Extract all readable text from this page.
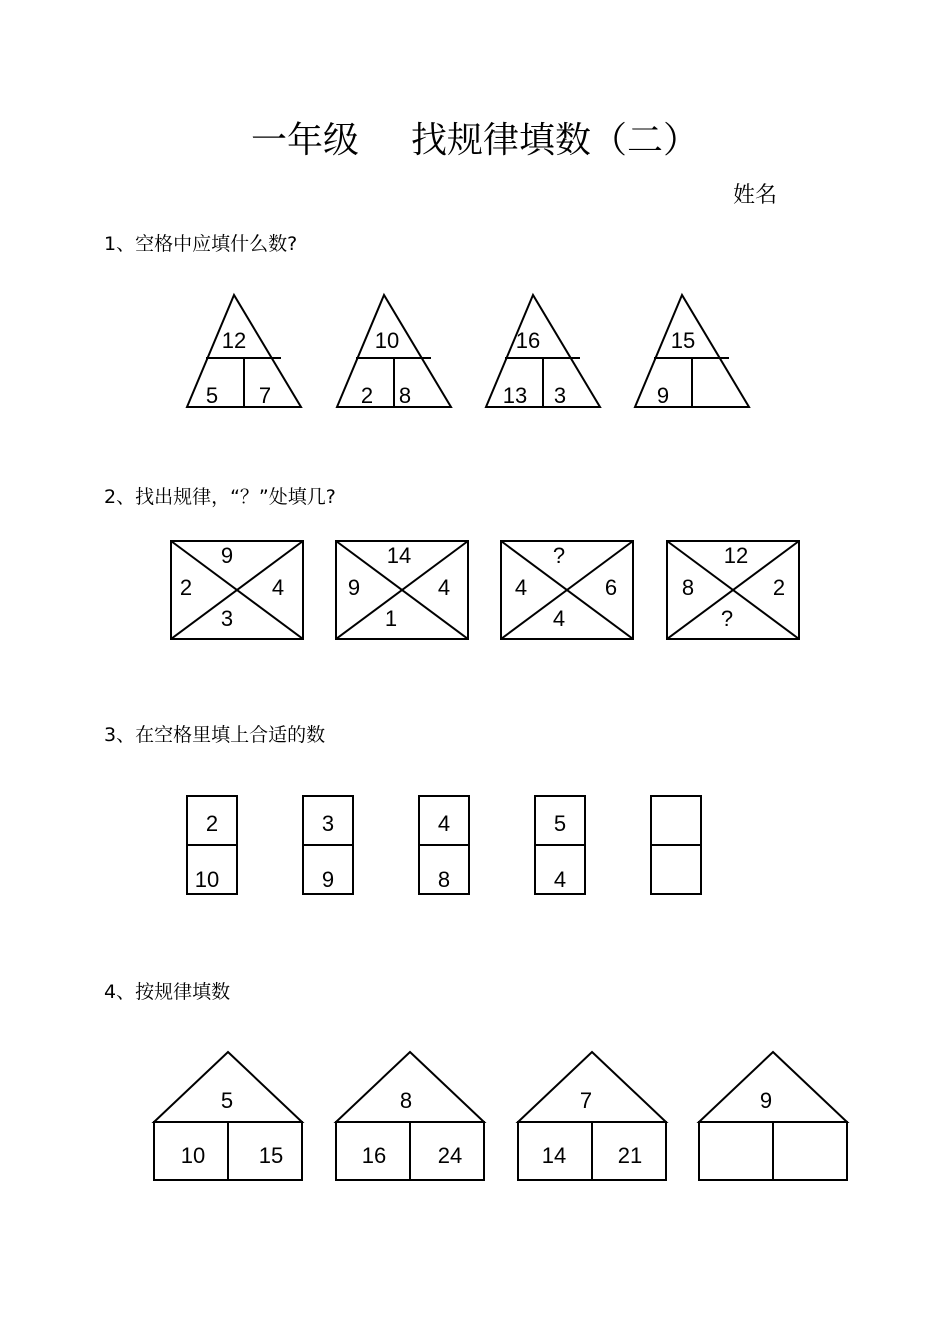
一年级 找规律填数（二）
姓名
1、空格中应填什么数?
12
5 7
10
2 8
16
13 3
15
9
9
2	4
3
14
9	4
1
?
4	6
4
12
8	2
?
2
10
3
9
4
8
5
4
5
10 15
8
16 24
7
14 21
9
2、找出规律，“？”处填几?
3、在空格里填上合适的数
4、按规律填数
